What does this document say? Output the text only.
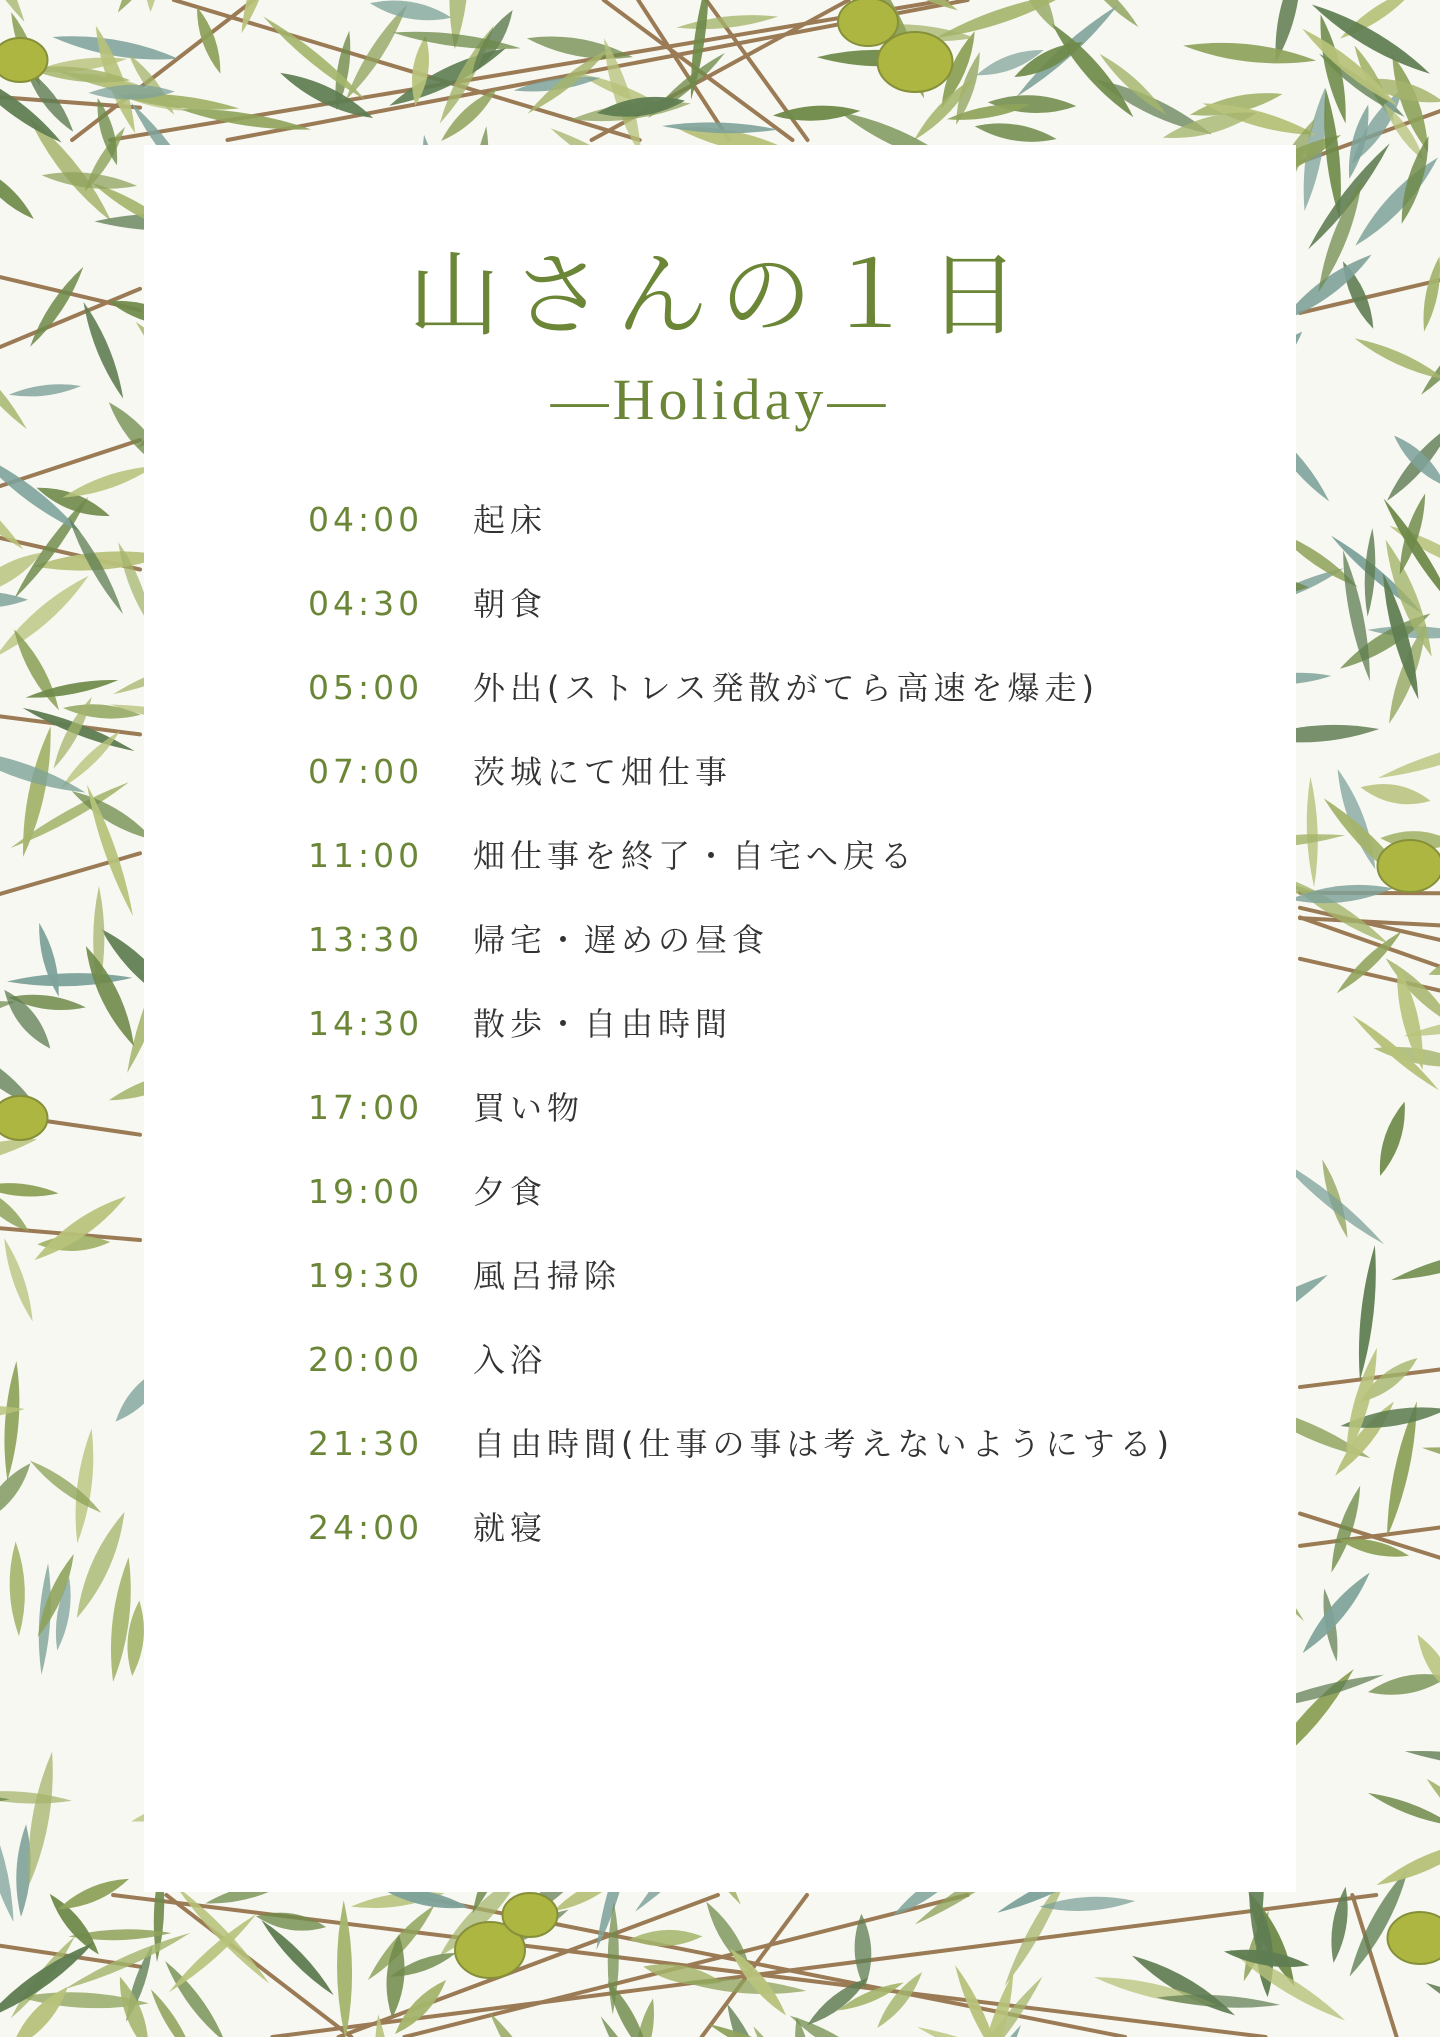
山さんの１日
―Holiday―
04:00 起床
04:30 朝食
05:00 外出(ストレス発散がてら高速を爆走)
07:00 茨城にて畑仕事
11:00 畑仕事を終了・自宅へ戻る
13:30 帰宅・遅めの昼食
14:30 散歩・自由時間
17:00 買い物
19:00 夕食
19:30 風呂掃除
20:00 入浴
21:30 自由時間(仕事の事は考えないようにする)
24:00 就寝
